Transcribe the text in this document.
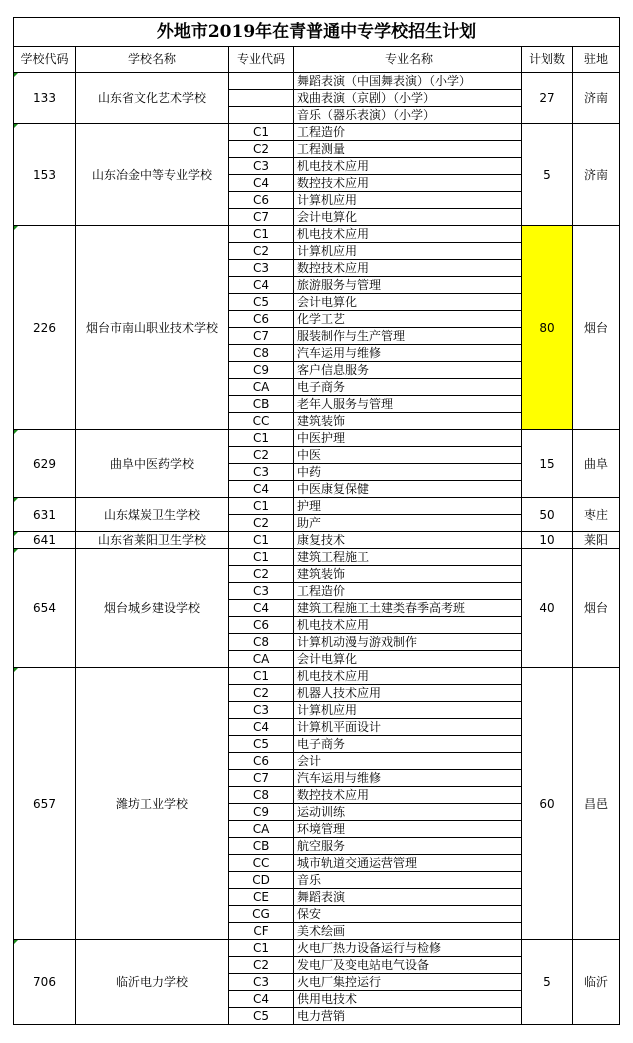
外地市2019年在青普通中专学校招生计划					
学校代码	学校名称	专业代码	专业名称	计划数	驻地
133	山东省文化艺术学校		舞蹈表演（中国舞表演）（小学）	27	济南
			戏曲表演（京剧）（小学）		
			音乐（器乐表演）（小学）		
153	山东冶金中等专业学校	C1	工程造价	5	济南
		C2	工程测量		
		C3	机电技术应用		
		C4	数控技术应用		
		C6	计算机应用		
		C7	会计电算化		
226	烟台市南山职业技术学校	C1	机电技术应用	80	烟台
		C2	计算机应用		
		C3	数控技术应用		
		C4	旅游服务与管理		
		C5	会计电算化		
		C6	化学工艺		
		C7	服装制作与生产管理		
		C8	汽车运用与维修		
		C9	客户信息服务		
		CA	电子商务		
		CB	老年人服务与管理		
		CC	建筑装饰		
629	曲阜中医药学校	C1	中医护理	15	曲阜
		C2	中医		
		C3	中药		
		C4	中医康复保健		
631	山东煤炭卫生学校	C1	护理	50	枣庄
		C2	助产		
641	山东省莱阳卫生学校	C1	康复技术	10	莱阳
654	烟台城乡建设学校	C1	建筑工程施工	40	烟台
		C2	建筑装饰		
		C3	工程造价		
		C4	建筑工程施工土建类春季高考班		
		C6	机电技术应用		
		C8	计算机动漫与游戏制作		
		CA	会计电算化		
657	潍坊工业学校	C1	机电技术应用	60	昌邑
		C2	机器人技术应用		
		C3	计算机应用		
		C4	计算机平面设计		
		C5	电子商务		
		C6	会计		
		C7	汽车运用与维修		
		C8	数控技术应用		
		C9	运动训练		
		CA	环境管理		
		CB	航空服务		
		CC	城市轨道交通运营管理		
		CD	音乐		
		CE	舞蹈表演		
		CG	保安		
		CF	美术绘画		
706	临沂电力学校	C1	火电厂热力设备运行与检修	5	临沂
		C2	发电厂及变电站电气设备		
		C3	火电厂集控运行		
		C4	供用电技术		
		C5	电力营销		
